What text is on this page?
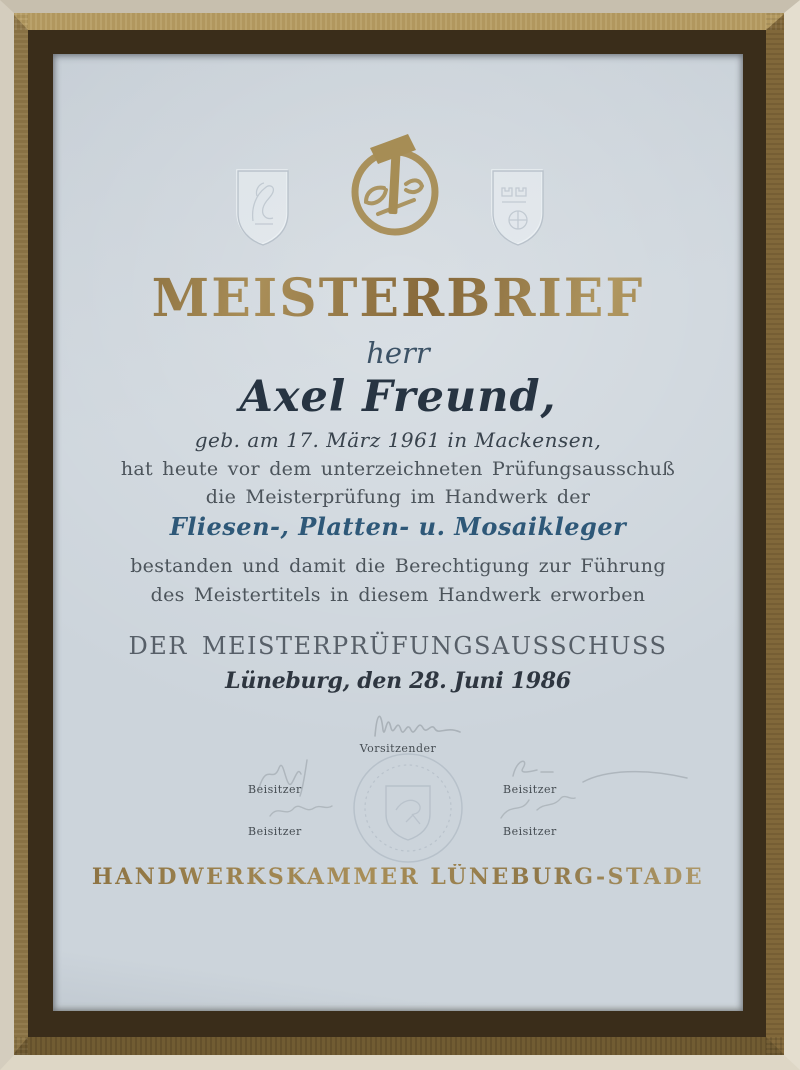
MEISTERBRIEF
herr
Axel Freund,
geb. am 17. März 1961 in Mackensen,
hat heute vor dem unterzeichneten Prüfungsausschuß
die Meisterprüfung im Handwerk der
Fliesen-, Platten- u. Mosaikleger
bestanden und damit die Berechtigung zur Führung
des Meistertitels in diesem Handwerk erworben
DER MEISTERPRÜFUNGSAUSSCHUSS
Lüneburg, den 28. Juni 1986
Vorsitzender
Beisitzer	Beisitzer
Beisitzer	Beisitzer
HANDWERKSKAMMER LÜNEBURG-STADE
